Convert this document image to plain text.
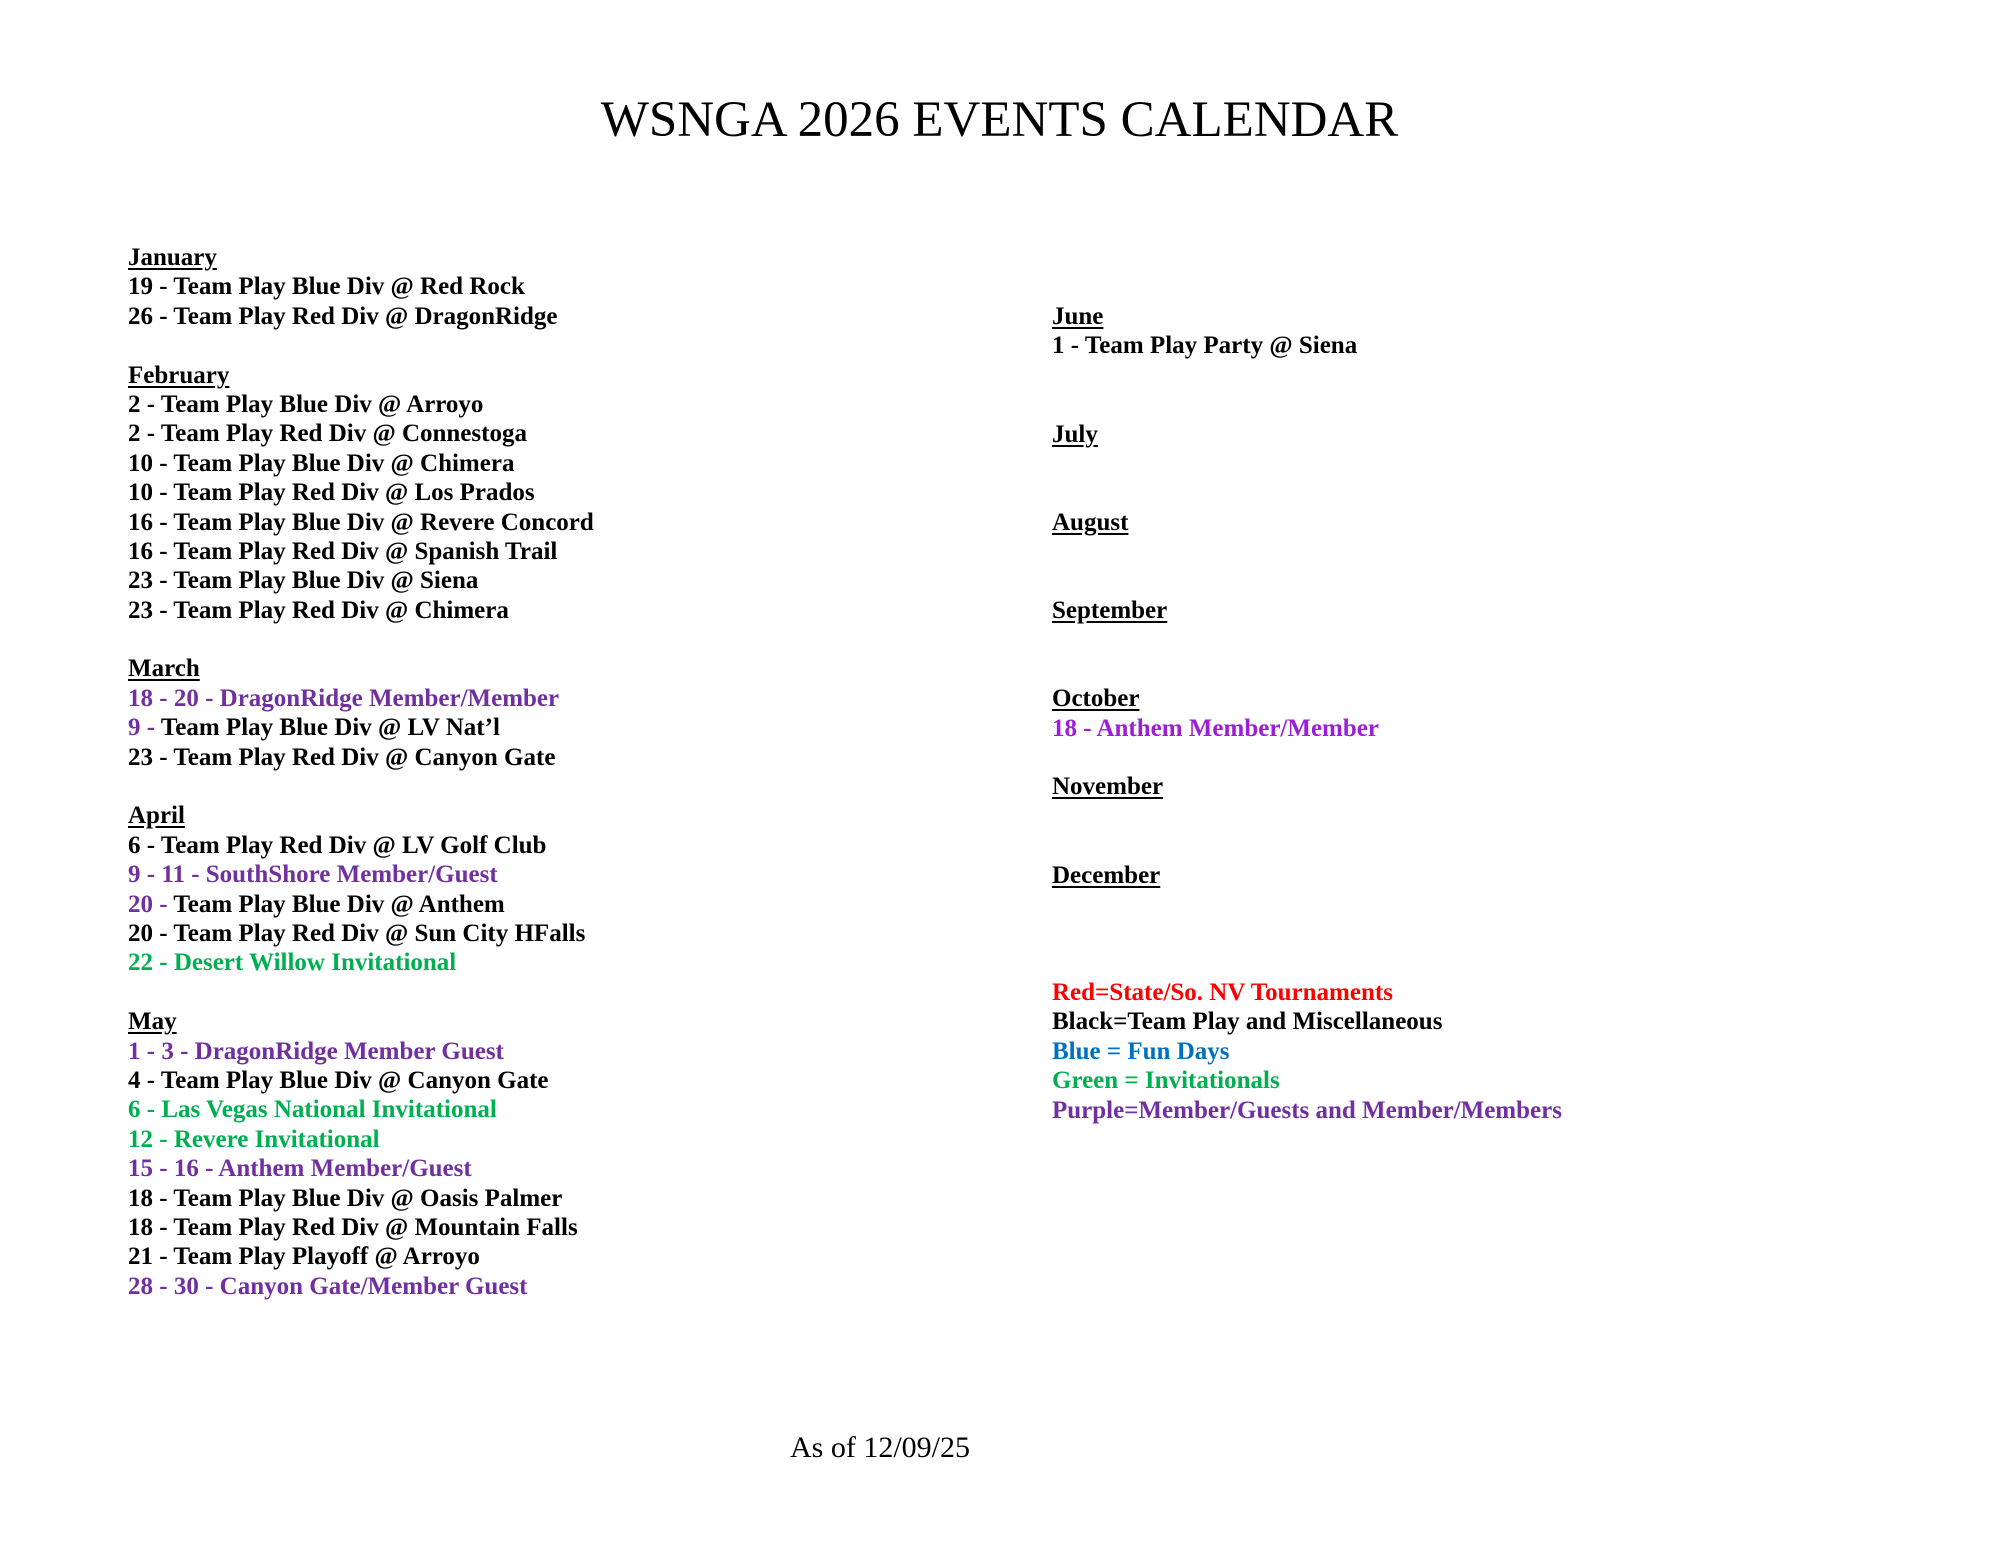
WSNGA 2026 EVENTS CALENDAR
January
19 - Team Play Blue Div @ Red Rock
26 - Team Play Red Div @ DragonRidge
February
2 - Team Play Blue Div @ Arroyo
2 - Team Play Red Div @ Connestoga
10 - Team Play Blue Div @ Chimera
10 - Team Play Red Div @ Los Prados
16 - Team Play Blue Div @ Revere Concord
16 - Team Play Red Div @ Spanish Trail
23 - Team Play Blue Div @ Siena
23 - Team Play Red Div @ Chimera
March
18 - 20 - DragonRidge Member/Member
9 - Team Play Blue Div @ LV Nat’l
23 - Team Play Red Div @ Canyon Gate
April
6 - Team Play Red Div @ LV Golf Club
9 - 11 - SouthShore Member/Guest
20 - Team Play Blue Div @ Anthem
20 - Team Play Red Div @ Sun City HFalls
22 - Desert Willow Invitational
May
1 - 3 - DragonRidge Member Guest
4 - Team Play Blue Div @ Canyon Gate
6 - Las Vegas National Invitational
12 - Revere Invitational
15 - 16 - Anthem Member/Guest
18 - Team Play Blue Div @ Oasis Palmer
18 - Team Play Red Div @ Mountain Falls
21 - Team Play Playoff @ Arroyo
28 - 30 - Canyon Gate/Member Guest
June
1 - Team Play Party @ Siena
July
August
September
October
18 - Anthem Member/Member
November
December
Red=State/So. NV Tournaments
Black=Team Play and Miscellaneous
Blue = Fun Days
Green = Invitationals
Purple=Member/Guests and Member/Members
As of 12/09/25
